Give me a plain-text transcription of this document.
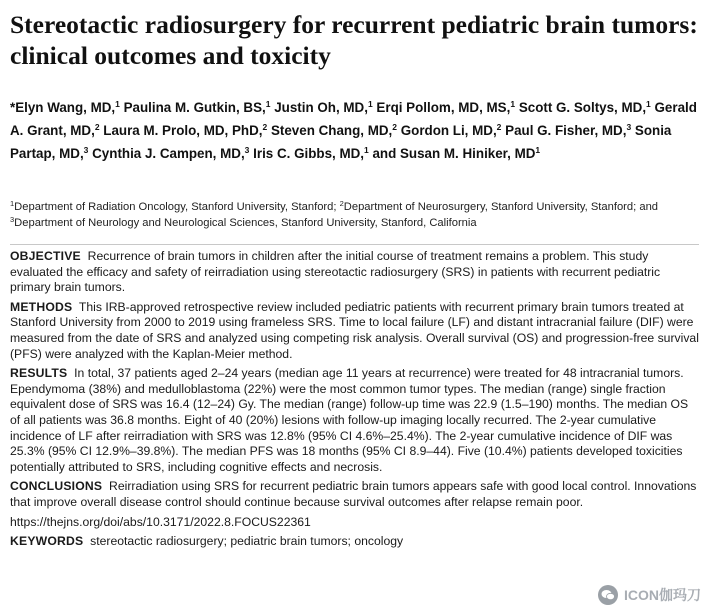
Stereotactic radiosurgery for recurrent pediatric brain tumors: clinical outcomes and toxicity
*Elyn Wang, MD,$^1$ Paulina M. Gutkin, BS,$^1$ Justin Oh, MD,$^1$ Erqi Pollom, MD, MS,$^1$ Scott G. Soltys, MD,$^1$ Gerald A. Grant, MD,$^2$ Laura M. Prolo, MD, PhD,$^2$ Steven Chang, MD,$^2$ Gordon Li, MD,$^2$ Paul G. Fisher, MD,$^3$ Sonia Partap, MD,$^3$ Cynthia J. Campen, MD,$^3$ Iris C. Gibbs, MD,$^1$ and Susan M. Hiniker, $MD^1$
$^1$Department of Radiation Oncology, Stanford University, Stanford; $^2$Department of Neurosurgery, Stanford University, Stanford; and $^3$Department of Neurology and Neurological Sciences, Stanford University, Stanford, California

OBJECTIVE Recurrence of brain tumors in children after the initial course of treatment remains a problem. This study evaluated the efficacy and safety of reirradiation using stereotactic radiosurgery (SRS) in patients with recurrent pediatric primary brain tumors.

METHODS This IRB-approved retrospective review included pediatric patients with recurrent primary brain tumors treated at Stanford University from 2000 to 2019 using frameless SRS. Time to local failure (LF) and distant intracranial failure (DIF) were measured from the date of SRS and analyzed using competing risk analysis. Overall survival (OS) and progression-free survival (PFS) were analyzed with the Kaplan-Meier method.

RESULTS In total, 37 patients aged 2–24 years (median age 11 years at recurrence) were treated for 48 intracranial tumors. Ependymoma (38%) and medulloblastoma (22%) were the most common tumor types. The median (range) single fraction equivalent dose of SRS was 16.4 (12–24) Gy. The median (range) follow-up time was 22.9 (1.5–190) months. The median OS of all patients was 36.8 months. Eight of 40 (20%) lesions with follow-up imaging locally recurred. The 2-year cumulative incidence of LF after reirradiation with SRS was 12.8% (95% CI 4.6%–25.4%). The 2-year cumulative incidence of DIF was 25.3% (95% CI 12.9%–39.8%). The median PFS was 18 months (95% CI 8.9–44). Five (10.4%) patients developed toxicities potentially attributed to SRS, including cognitive effects and necrosis.

CONCLUSIONS Reirradiation using SRS for recurrent pediatric brain tumors appears safe with good local control. Innovations that improve overall disease control should continue because survival outcomes after relapse remain poor.

https://thejns.org/doi/abs/10.3171/2022.8.FOCUS22361

KEYWORDS stereotactic radiosurgery; pediatric brain tumors; oncology

ICON伽玛刀
